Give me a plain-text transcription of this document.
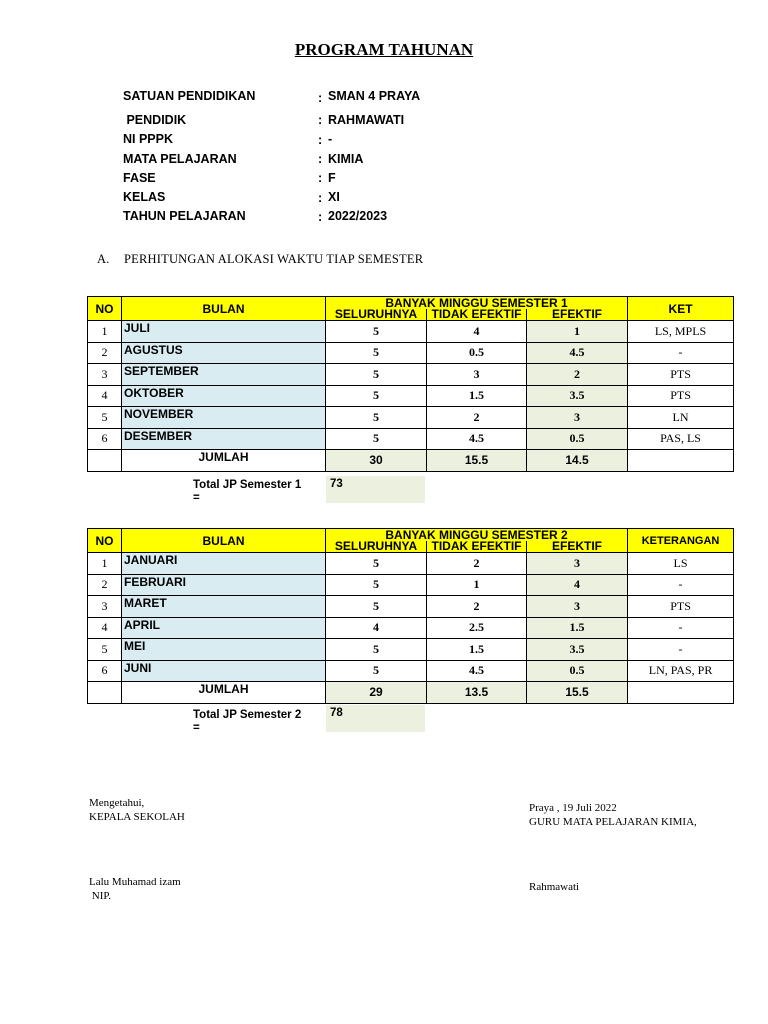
PROGRAM TAHUNAN
SATUAN PENDIDIKAN	: SMAN 4 PRAYA
PENDIDIK	: RAHMAWATI
NI PPPK	: -
MATA PELAJARAN	: KIMIA
FASE	: F
KELAS	: XI
TAHUN PELAJARAN	: 2022/2023
A. PERHITUNGAN ALOKASI WAKTU TIAP SEMESTER
NO	BULAN	BANYAK MINGGU SEMESTER 1			KET
		SELURUHNYA	TIDAK EFEKTIF	EFEKTIF	
1	JULI	5	4	1	LS, MPLS
2	AGUSTUS	5	0.5	4.5	-
3	SEPTEMBER	5	3	2	PTS
4	OKTOBER	5	1.5	3.5	PTS
5	NOVEMBER	5	2	3	LN
6	DESEMBER	5	4.5	0.5	PAS, LS
	JUMLAH	30	15.5	14.5	
Total JP Semester 1
=
73
NO	BULAN	BANYAK MINGGU SEMESTER 2			KETERANGAN
		SELURUHNYA	TIDAK EFEKTIF	EFEKTIF	
1	JANUARI	5	2	3	LS
2	FEBRUARI	5	1	4	-
3	MARET	5	2	3	PTS
4	APRIL	4	2.5	1.5	-
5	MEI	5	1.5	3.5	-
6	JUNI	5	4.5	0.5	LN, PAS, PR
	JUMLAH	29	13.5	15.5	
Total JP Semester 2
=
78
Mengetahui,
KEPALA SEKOLAH
Lalu Muhamad izam
NIP.
Praya , 19 Juli 2022
GURU MATA PELAJARAN KIMIA,
Rahmawati
